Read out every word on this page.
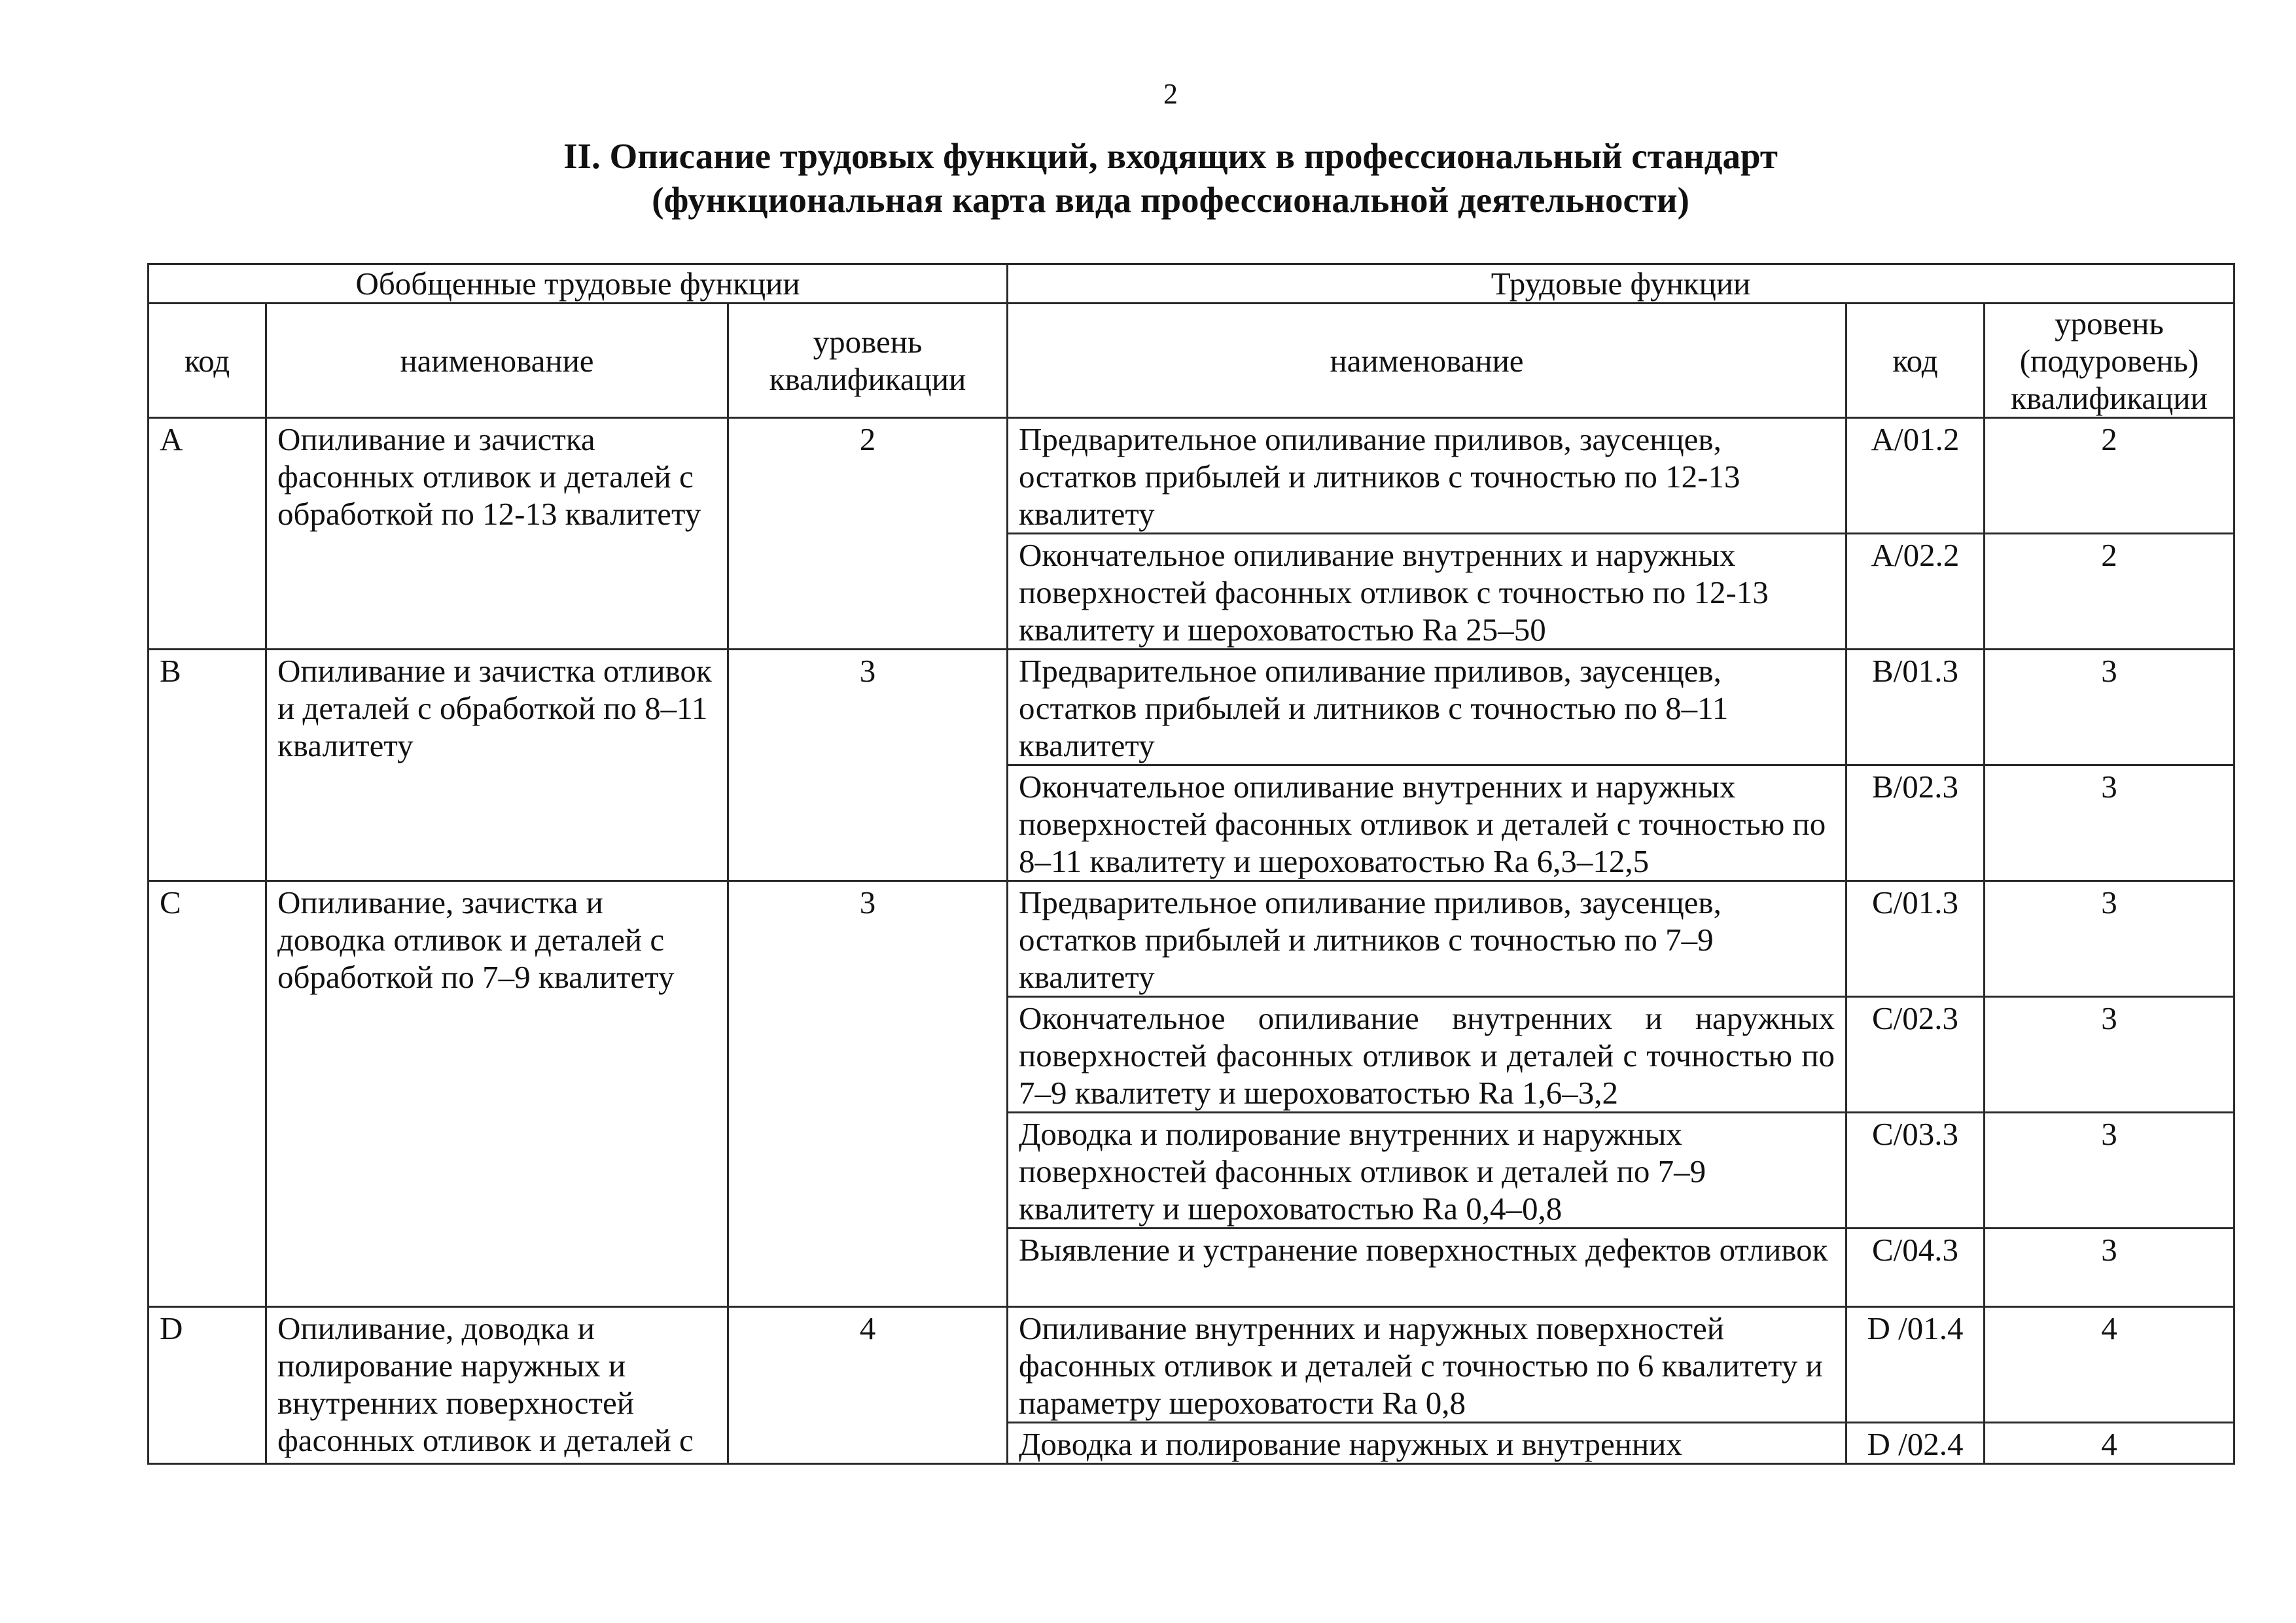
2
II. Описание трудовых функций, входящих в профессиональный стандарт
(функциональная карта вида профессиональной деятельности)
Обобщенные трудовые функции			Трудовые функции		
код	наименование	уровень квалификации	наименование	код	уровень (подуровень) квалификации
A	Опиливание и зачистка фасонных отливок и деталей с обработкой по 12-13 квалитету	2	Предварительное опиливание приливов, заусенцев, остатков прибылей и литников с точностью по 12-13 квалитету	A/01.2	2
			Окончательное опиливание внутренних и наружных поверхностей фасонных отливок с точностью по 12-13 квалитету и шероховатостью Ra 25–50	A/02.2	2
B	Опиливание и зачистка отливок и деталей с обработкой по 8–11 квалитету	3	Предварительное опиливание приливов, заусенцев, остатков прибылей и литников с точностью по 8–11 квалитету	B/01.3	3
			Окончательное опиливание внутренних и наружных поверхностей фасонных отливок и деталей с точностью по 8–11 квалитету и шероховатостью Ra 6,3–12,5	B/02.3	3
C	Опиливание, зачистка и доводка отливок и деталей с обработкой по 7–9 квалитету	3	Предварительное опиливание приливов, заусенцев, остатков прибылей и литников с точностью по 7–9 квалитету	C/01.3	3
			Окончательное опиливание внутренних и наружных поверхностей фасонных отливок и деталей с точностью по 7–9 квалитету и шероховатостью Ra 1,6–3,2	C/02.3	3
			Доводка и полирование внутренних и наружных поверхностей фасонных отливок и деталей по 7–9 квалитету и шероховатостью Ra 0,4–0,8	C/03.3	3
			Выявление и устранение поверхностных дефектов отливок	C/04.3	3
D	Опиливание, доводка и полирование наружных и внутренних поверхностей фасонных отливок и деталей с	4	Опиливание внутренних и наружных поверхностей фасонных отливок и деталей с точностью по 6 квалитету и параметру шероховатости Ra 0,8	D /01.4	4
			Доводка и полирование наружных и внутренних	D /02.4	4
